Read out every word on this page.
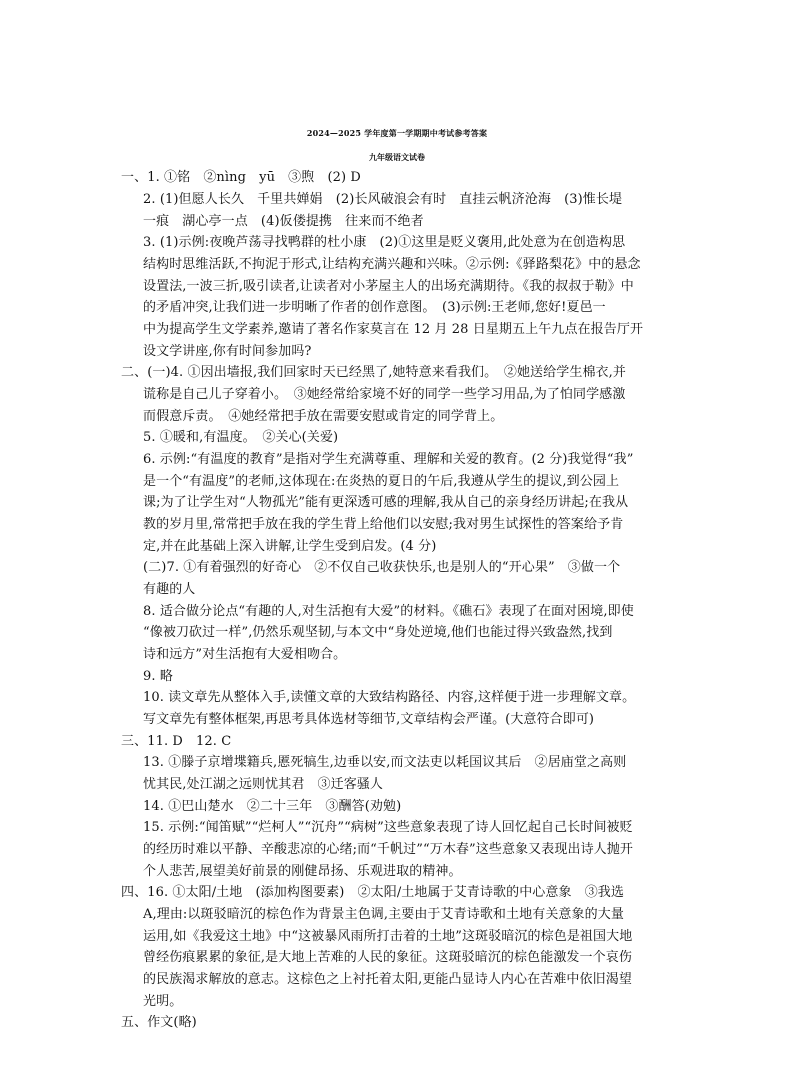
2024—2025 学年度第一学期期中考试参考答案
九年级语文试卷
一、1. ①铭　②nìng　yū　③煦　(2) D
2. (1)但愿人长久　千里共婵娟　(2)长风破浪会有时　直挂云帆济沧海　(3)惟长堤
一痕　湖心亭一点　(4)仮偻提携　往来而不绝者
3. (1)示例:夜晚芦荡寻找鸭群的杜小康　(2)①这里是贬义褒用,此处意为在创造构思
结构时思维活跃,不拘泥于形式,让结构充满兴趣和兴味。②示例:《驿路梨花》中的悬念
设置法,一波三折,吸引读者,让读者对小茅屋主人的出场充满期待。《我的叔叔于勒》中
的矛盾冲突,让我们进一步明晰了作者的创作意图。　(3)示例:王老师,您好!夏邑一
中为提高学生文学素养,邀请了著名作家莫言在 12 月 28 日星期五上午九点在报告厅开
设文学讲座,你有时间参加吗?
二、(一)4. ①因出墙报,我们回家时天已经黑了,她特意来看我们。　②她送给学生棉衣,并
谎称是自己儿子穿着小。　③她经常给家境不好的同学一些学习用品,为了怕同学感激
而假意斥责。　④她经常把手放在需要安慰或肯定的同学背上。
5. ①暖和,有温度。　②关心(关爱)
6. 示例:“有温度的教育”是指对学生充满尊重、理解和关爱的教育。(2 分)我觉得“我”
是一个“有温度”的老师,这体现在:在炎热的夏日的午后,我遵从学生的提议,到公园上
课;为了让学生对“人物孤光”能有更深透可感的理解,我从自己的亲身经历讲起;在我从
教的岁月里,常常把手放在我的学生背上给他们以安慰;我对男生试探性的答案给予肯
定,并在此基础上深入讲解,让学生受到启发。(4 分)
(二)7. ①有着强烈的好奇心　②不仅自己收获快乐,也是别人的“开心果”　③做一个
有趣的人
8. 适合做分论点“有趣的人,对生活抱有大爱”的材料。《礁石》表现了在面对困境,即使
“像被刀砍过一样”,仍然乐观坚韧,与本文中“身处逆境,他们也能过得兴致盎然,找到
诗和远方”对生活抱有大爱相吻合。
9. 略
10. 读文章先从整体入手,读懂文章的大致结构路径、内容,这样便于进一步理解文章。
写文章先有整体框架,再思考具体选材等细节,文章结构会严谨。(大意符合即可)
三、11. D　12. C
13. ①滕子京增堞籍兵,慝死犒生,边垂以安,而文法吏以耗国议其后　②居庙堂之高则
忧其民,处江湖之远则忧其君　③迁客骚人
14. ①巴山楚水　②二十三年　③酬答(劝勉)
15. 示例:“闻笛赋”“烂柯人”“沉舟”“病树”这些意象表现了诗人回忆起自己长时间被贬
的经历时难以平静、辛酸悲凉的心绪;而“千帆过”“万木春”这些意象又表现出诗人抛开
个人悲苦,展望美好前景的刚健昂扬、乐观进取的精神。
四、16. ①太阳/土地　(添加构图要素)　②太阳/土地属于艾青诗歌的中心意象　③我选
A,理由:以斑驳暗沉的棕色作为背景主色调,主要由于艾青诗歌和土地有关意象的大量
运用,如《我爱这土地》中“这被暴风雨所打击着的土地”这斑驳暗沉的棕色是祖国大地
曾经伤痕累累的象征,是大地上苦难的人民的象征。这斑驳暗沉的棕色能激发一个哀伤
的民族渴求解放的意志。这棕色之上衬托着太阳,更能凸显诗人内心在苦难中依旧渴望
光明。
五、作文(略)
